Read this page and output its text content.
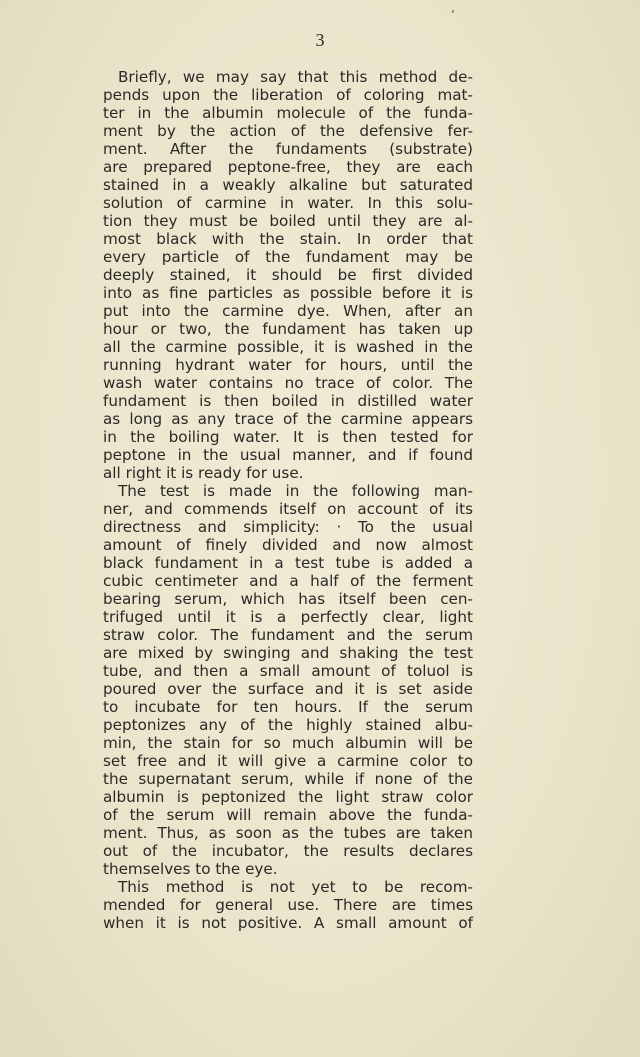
3

Briefly, we may say that this method de-
pends upon the liberation of coloring mat-
ter in the albumin molecule of the funda-
ment by the action of the defensive fer-
ment. After the fundaments (substrate)
are prepared peptone-free, they are each
stained in a weakly alkaline but saturated
solution of carmine in water. In this solu-
tion they must be boiled until they are al-
most black with the stain. In order that
every particle of the fundament may be
deeply stained, it should be first divided
into as fine particles as possible before it is
put into the carmine dye. When, after an
hour or two, the fundament has taken up
all the carmine possible, it is washed in the
running hydrant water for hours, until the
wash water contains no trace of color. The
fundament is then boiled in distilled water
as long as any trace of the carmine appears
in the boiling water. It is then tested for
peptone in the usual manner, and if found
all right it is ready for use.
The test is made in the following man-
ner, and commends itself on account of its
directness and simplicity: · To the usual
amount of finely divided and now almost
black fundament in a test tube is added a
cubic centimeter and a half of the ferment
bearing serum, which has itself been cen-
trifuged until it is a perfectly clear, light
straw color. The fundament and the serum
are mixed by swinging and shaking the test
tube, and then a small amount of toluol is
poured over the surface and it is set aside
to incubate for ten hours. If the serum
peptonizes any of the highly stained albu-
min, the stain for so much albumin will be
set free and it will give a carmine color to
the supernatant serum, while if none of the
albumin is peptonized the light straw color
of the serum will remain above the funda-
ment. Thus, as soon as the tubes are taken
out of the incubator, the results declares
themselves to the eye.
This method is not yet to be recom-
mended for general use. There are times
when it is not positive. A small amount of
